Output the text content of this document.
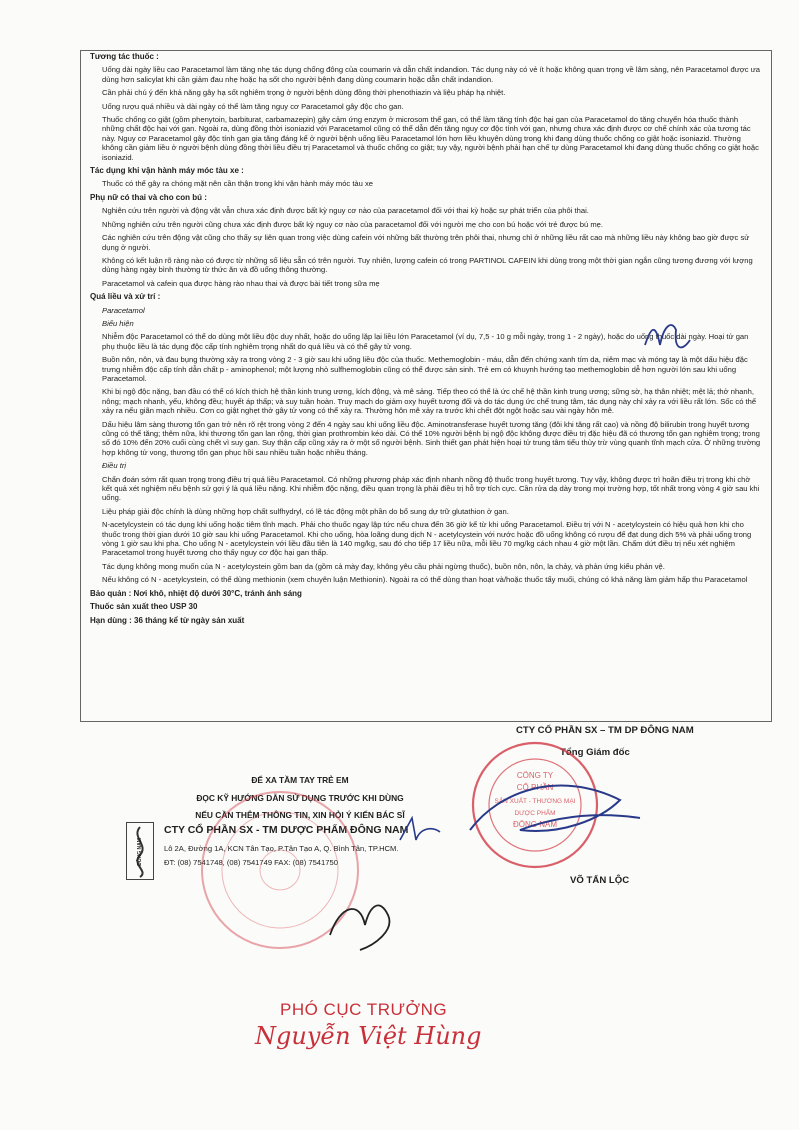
Tương tác thuốc :

Uống dài ngày liều cao Paracetamol làm tăng nhẹ tác dụng chống đông của coumarin và dẫn chất indandion. Tác dụng này có vẻ ít hoặc không quan trọng về lâm sàng, nên Paracetamol được ưa dùng hơn salicylat khi cần giảm đau nhẹ hoặc hạ sốt cho người bệnh đang dùng coumarin hoặc dẫn chất indandion.

Cần phải chú ý đến khả năng gây hạ sốt nghiêm trọng ở người bệnh dùng đồng thời phenothiazin và liệu pháp hạ nhiệt.

Uống rượu quá nhiều và dài ngày có thể làm tăng nguy cơ Paracetamol gây độc cho gan.

Thuốc chống co giật (gồm phenytoin, barbiturat, carbamazepin) gây cảm ứng enzym ở microsom thể gan, có thể làm tăng tính độc hại gan của Paracetamol do tăng chuyển hóa thuốc thành những chất độc hại với gan. Ngoài ra, dùng đồng thời isoniazid với Paracetamol cũng có thể dẫn đến tăng nguy cơ độc tính với gan, nhưng chưa xác định được cơ chế chính xác của tương tác này. Nguy cơ Paracetamol gây độc tính gan gia tăng đáng kể ở người bệnh uống liều Paracetamol lớn hơn liều khuyên dùng trong khi đang dùng thuốc chống co giật hoặc isoniazid. Thường không cần giảm liều ở người bệnh dùng đồng thời liều điều trị Paracetamol và thuốc chống co giật; tuy vậy, người bệnh phải hạn chế tự dùng Paracetamol khi đang dùng thuốc chống co giật hoặc isoniazid.

Tác dụng khi vận hành máy móc tàu xe :

Thuốc có thể gây ra chóng mặt nên cần thận trong khi vận hành máy móc tàu xe

Phụ nữ có thai và cho con bú :

Nghiên cứu trên người và động vật vẫn chưa xác định được bất kỳ nguy cơ nào của paracetamol đối với thai kỳ hoặc sự phát triển của phôi thai.

Những nghiên cứu trên người cũng chưa xác định được bất kỳ nguy cơ nào của paracetamol đối với người mẹ cho con bú hoặc với trẻ được bú mẹ.

Các nghiên cứu trên động vật cũng cho thấy sự liên quan trong việc dùng cafein với những bất thường trên phôi thai, nhưng chỉ ở những liều rất cao mà những liều này không bao giờ được sử dụng ở người.

Không có kết luận rõ ràng nào có được từ những số liệu sẵn có trên người. Tuy nhiên, lượng cafein có trong PARTINOL CAFEIN khi dùng trong một thời gian ngắn cũng tương đương với lượng dùng hàng ngày bình thường từ thức ăn và đồ uống thông thường.

Paracetamol và cafein qua được hàng rào nhau thai và được bài tiết trong sữa mẹ

Quá liều và xử trí :

Paracetamol

Biểu hiện

Nhiễm độc Paracetamol có thể do dùng một liều độc duy nhất, hoặc do uống lặp lại liều lớn Paracetamol (ví dụ, 7,5 - 10 g mỗi ngày, trong 1 - 2 ngày), hoặc do uống thuốc dài ngày. Hoại tử gan phụ thuộc liều là tác dụng độc cấp tính nghiêm trọng nhất do quá liều và có thể gây tử vong.

Buồn nôn, nôn, và đau bụng thường xảy ra trong vòng 2 - 3 giờ sau khi uống liều độc của thuốc. Methemoglobin - máu, dẫn đến chứng xanh tím da, niêm mạc và móng tay là một dấu hiệu đặc trưng nhiễm độc cấp tính dẫn chất p - aminophenol; một lượng nhỏ sulfhemoglobin cũng có thể được sản sinh. Trẻ em có khuynh hướng tạo methemoglobin dễ hơn người lớn sau khi uống Paracetamol.

Khi bị ngộ độc nặng, ban đầu có thể có kích thích hệ thần kinh trung ương, kích động, và mê sảng. Tiếp theo có thể là ức chế hệ thần kinh trung ương; sững sờ, hạ thân nhiệt; mệt lả; thở nhanh, nông; mạch nhanh, yếu, không đều; huyết áp thấp; và suy tuần hoàn. Truy mạch do giảm oxy huyết tương đối và do tác dụng ức chế trung tâm, tác dụng này chỉ xảy ra với liều rất lớn. Sốc có thể xảy ra nếu giãn mạch nhiều. Cơn co giật nghẹt thở gây tử vong có thể xảy ra. Thường hôn mê xảy ra trước khi chết đột ngột hoặc sau vài ngày hôn mê.

Dấu hiệu lâm sàng thương tổn gan trở nên rõ rệt trong vòng 2 đến 4 ngày sau khi uống liều độc. Aminotransferase huyết tương tăng (đôi khi tăng rất cao) và nồng độ bilirubin trong huyết tương cũng có thể tăng; thêm nữa, khi thương tổn gan lan rộng, thời gian prothrombin kéo dài. Có thể 10% người bệnh bị ngộ độc không được điều trị đặc hiệu đã có thương tổn gan nghiêm trọng; trong số đó 10% đến 20% cuối cùng chết vì suy gan. Suy thận cấp cũng xảy ra ở một số người bệnh. Sinh thiết gan phát hiện hoại tử trung tâm tiểu thùy trừ vùng quanh tĩnh mạch cửa. Ở những trường hợp không tử vong, thương tổn gan phục hồi sau nhiều tuần hoặc nhiều tháng.

Điều trị

Chẩn đoán sớm rất quan trọng trong điều trị quá liều Paracetamol. Có những phương pháp xác định nhanh nồng độ thuốc trong huyết tương. Tuy vậy, không được trì hoãn điều trị trong khi chờ kết quả xét nghiệm nếu bệnh sử gợi ý là quá liều nặng. Khi nhiễm độc nặng, điều quan trọng là phải điều trị hỗ trợ tích cực. Cần rửa dạ dày trong mọi trường hợp, tốt nhất trong vòng 4 giờ sau khi uống.

Liệu pháp giải độc chính là dùng những hợp chất sulfhydryl, có lẽ tác động một phần do bổ sung dự trữ glutathion ở gan.

N-acetylcystein có tác dụng khi uống hoặc tiêm tĩnh mạch. Phải cho thuốc ngay lập tức nếu chưa đến 36 giờ kể từ khi uống Paracetamol. Điều trị với N - acetylcystein có hiệu quả hơn khi cho thuốc trong thời gian dưới 10 giờ sau khi uống Paracetamol. Khi cho uống, hòa loãng dung dịch N - acetylcystein với nước hoặc đồ uống không có rượu để đạt dung dịch 5% và phải uống trong vòng 1 giờ sau khi pha. Cho uống N - acetylcystein với liều đầu tiên là 140 mg/kg, sau đó cho tiếp 17 liều nữa, mỗi liều 70 mg/kg cách nhau 4 giờ một lần. Chấm dứt điều trị nếu xét nghiệm Paracetamol trong huyết tương cho thấy nguy cơ độc hại gan thấp.

Tác dụng không mong muốn của N - acetylcystein gồm ban da (gồm cả mày đay, không yêu cầu phải ngừng thuốc), buồn nôn, nôn, la chảy, và phản ứng kiểu phản vệ.

Nếu không có N - acetylcystein, có thể dùng methionin (xem chuyên luận Methionin). Ngoài ra có thể dùng than hoạt và/hoặc thuốc tẩy muối, chúng có khả năng làm giảm hấp thu Paracetamol

Bảo quản : Nơi khô, nhiệt độ dưới 30°C, tránh ánh sáng

Thuốc sản xuất theo USP 30

Hạn dùng : 36 tháng kể từ ngày sản xuất

ĐỂ XA TẦM TAY TRẺ EM
ĐỌC KỸ HƯỚNG DẪN SỬ DỤNG TRƯỚC KHI DÙNG
NẾU CẦN THÊM THÔNG TIN, XIN HỎI Ý KIẾN BÁC SĨ
ĐÔNG NAM
CTY CỔ PHẦN SX - TM DƯỢC PHẨM ĐÔNG NAM
Lô 2A, Đường 1A, KCN Tân Tạo, P.Tân Tạo A, Q. Bình Tân, TP.HCM.
ĐT: (08) 7541748, (08) 7541749 FAX: (08) 7541750
CTY CỔ PHẦN SX – TM DP ĐÔNG NAM
Tổng Giám đốc
VÕ TẤN LỘC
CÔNG TY
CỔ PHẦN
SẢN XUẤT - THƯƠNG MẠI
DƯỢC PHẨM
ĐÔNG NAM
PHÓ CỤC TRƯỞNG
Nguyễn Việt Hùng
